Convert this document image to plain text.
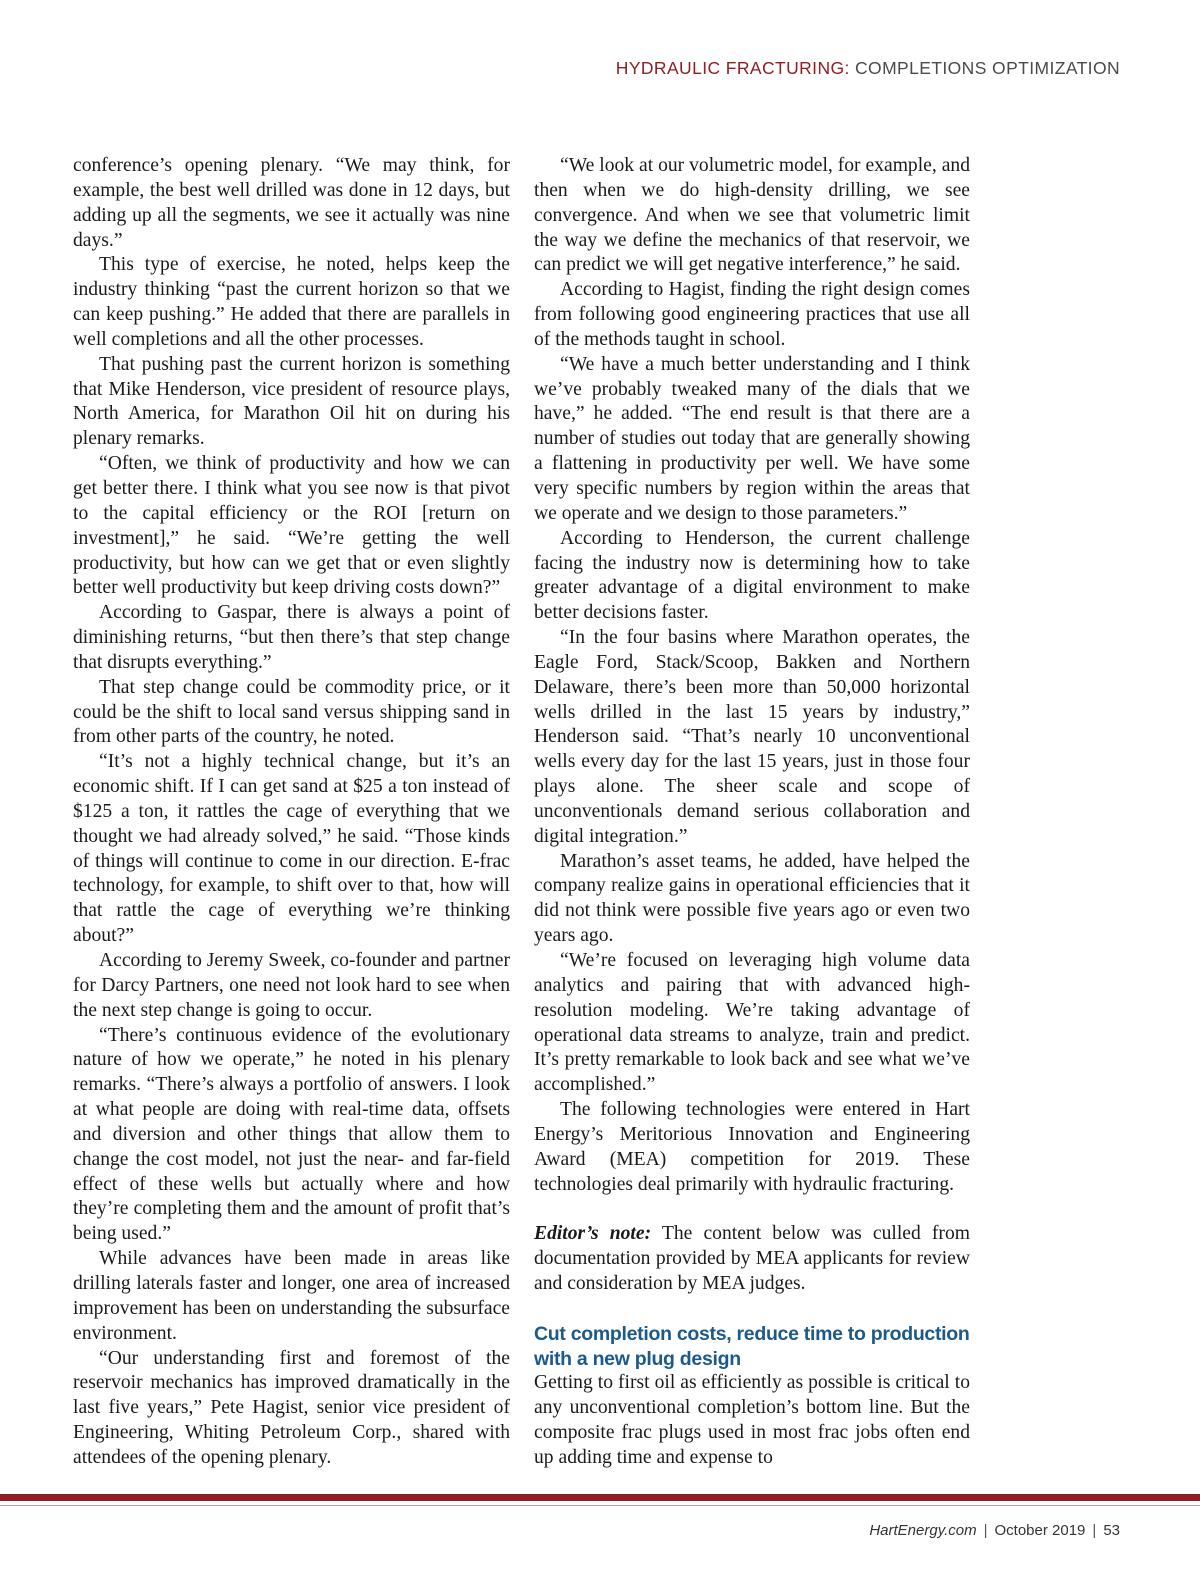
HYDRAULIC FRACTURING: COMPLETIONS OPTIMIZATION

conference’s opening plenary. “We may think, for example, the best well drilled was done in 12 days, but adding up all the segments, we see it actually was nine days.”

This type of exercise, he noted, helps keep the industry thinking “past the current horizon so that we can keep pushing.” He added that there are parallels in well completions and all the other processes.

That pushing past the current horizon is something that Mike Henderson, vice president of resource plays, North America, for Marathon Oil hit on during his plenary remarks.

“Often, we think of productivity and how we can get better there. I think what you see now is that pivot to the capital efficiency or the ROI [return on investment],” he said. “We’re getting the well productivity, but how can we get that or even slightly better well productivity but keep driving costs down?”

According to Gaspar, there is always a point of diminishing returns, “but then there’s that step change that disrupts everything.”

That step change could be commodity price, or it could be the shift to local sand versus shipping sand in from other parts of the country, he noted.

“It’s not a highly technical change, but it’s an economic shift. If I can get sand at $25 a ton instead of $125 a ton, it rattles the cage of everything that we thought we had already solved,” he said. “Those kinds of things will continue to come in our direction. E-frac technology, for example, to shift over to that, how will that rattle the cage of everything we’re thinking about?”

According to Jeremy Sweek, co-founder and partner for Darcy Partners, one need not look hard to see when the next step change is going to occur.

“There’s continuous evidence of the evolutionary nature of how we operate,” he noted in his plenary remarks. “There’s always a portfolio of answers. I look at what people are doing with real-time data, offsets and diversion and other things that allow them to change the cost model, not just the near- and far-field effect of these wells but actually where and how they’re completing them and the amount of profit that’s being used.”

While advances have been made in areas like drilling laterals faster and longer, one area of increased improvement has been on understanding the subsurface environment.

“Our understanding first and foremost of the reservoir mechanics has improved dramatically in the last five years,” Pete Hagist, senior vice president of Engineering, Whiting Petroleum Corp., shared with attendees of the opening plenary.

“We look at our volumetric model, for example, and then when we do high-density drilling, we see convergence. And when we see that volumetric limit the way we define the mechanics of that reservoir, we can predict we will get negative interference,” he said.

According to Hagist, finding the right design comes from following good engineering practices that use all of the methods taught in school.

“We have a much better understanding and I think we’ve probably tweaked many of the dials that we have,” he added. “The end result is that there are a number of studies out today that are generally showing a flattening in productivity per well. We have some very specific numbers by region within the areas that we operate and we design to those parameters.”

According to Henderson, the current challenge facing the industry now is determining how to take greater advantage of a digital environment to make better decisions faster.

“In the four basins where Marathon operates, the Eagle Ford, Stack/Scoop, Bakken and Northern Delaware, there’s been more than 50,000 horizontal wells drilled in the last 15 years by industry,” Henderson said. “That’s nearly 10 unconventional wells every day for the last 15 years, just in those four plays alone. The sheer scale and scope of unconventionals demand serious collaboration and digital integration.”

Marathon’s asset teams, he added, have helped the company realize gains in operational efficiencies that it did not think were possible five years ago or even two years ago.

“We’re focused on leveraging high volume data analytics and pairing that with advanced high-resolution modeling. We’re taking advantage of operational data streams to analyze, train and predict. It’s pretty remarkable to look back and see what we’ve accomplished.”

The following technologies were entered in Hart Energy’s Meritorious Innovation and Engineering Award (MEA) competition for 2019. These technologies deal primarily with hydraulic fracturing.

Editor’s note: The content below was culled from documentation provided by MEA applicants for review and consideration by MEA judges.

Cut completion costs, reduce time to production with a new plug design

Getting to first oil as efficiently as possible is critical to any unconventional completion’s bottom line. But the composite frac plugs used in most frac jobs often end up adding time and expense to

HartEnergy.com | October 2019 | 53
